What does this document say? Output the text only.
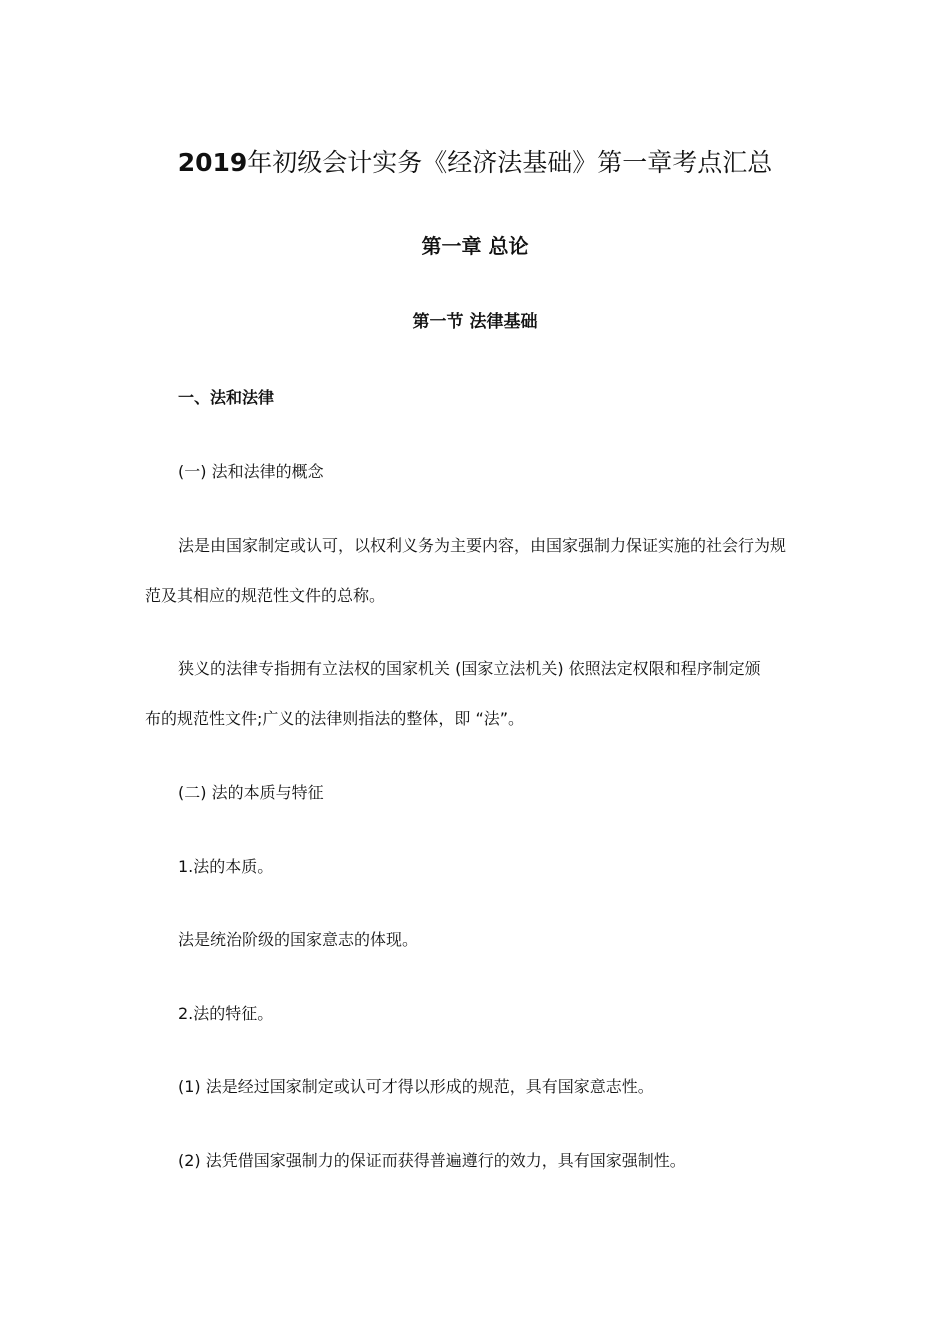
2019年初级会计实务《经济法基础》第一章考点汇总
第一章 总论
第一节 法律基础
一、法和法律
(一) 法和法律的概念
法是由国家制定或认可，以权利义务为主要内容，由国家强制力保证实施的社会行为规
范及其相应的规范性文件的总称。
狭义的法律专指拥有立法权的国家机关 (国家立法机关) 依照法定权限和程序制定颁
布的规范性文件;广义的法律则指法的整体，即 “法”。
(二) 法的本质与特征
1.法的本质。
法是统治阶级的国家意志的体现。
2.法的特征。
(1) 法是经过国家制定或认可才得以形成的规范，具有国家意志性。
(2) 法凭借国家强制力的保证而获得普遍遵行的效力，具有国家强制性。
